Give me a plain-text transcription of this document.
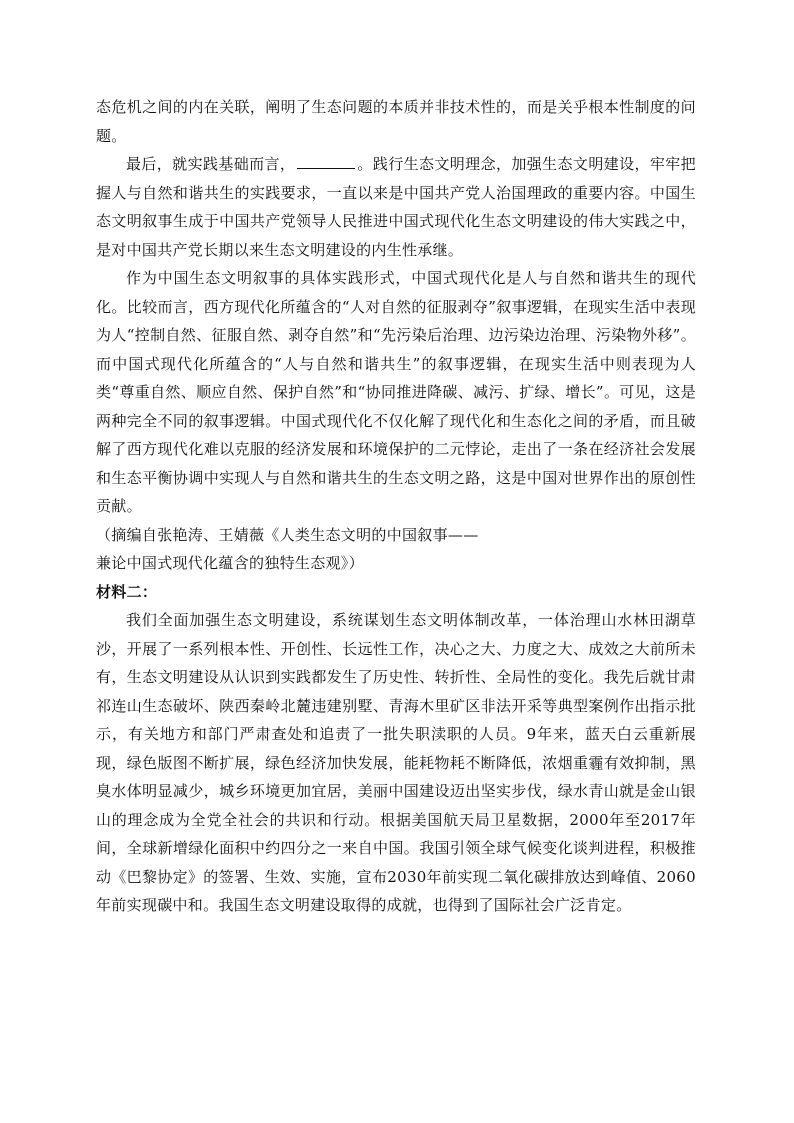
态危机之间的内在关联，阐明了生态问题的本质并非技术性的，而是关乎根本性制度的问题。

最后，就实践基础而言，	。践行生态文明理念，加强生态文明建设，牢牢把握人与自然和谐共生的实践要求，一直以来是中国共产党人治国理政的重要内容。中国生态文明叙事生成于中国共产党领导人民推进中国式现代化生态文明建设的伟大实践之中，是对中国共产党长期以来生态文明建设的内生性承继。

作为中国生态文明叙事的具体实践形式，中国式现代化是人与自然和谐共生的现代化。比较而言，西方现代化所蕴含的“人对自然的征服剥夺”叙事逻辑，在现实生活中表现为人“控制自然、征服自然、剥夺自然”和“先污染后治理、边污染边治理、污染物外移”。而中国式现代化所蕴含的“人与自然和谐共生”的叙事逻辑，在现实生活中则表现为人类“尊重自然、顺应自然、保护自然”和“协同推进降碳、减污、扩绿、增长”。可见，这是两种完全不同的叙事逻辑。中国式现代化不仅化解了现代化和生态化之间的矛盾，而且破解了西方现代化难以克服的经济发展和环境保护的二元悖论，走出了一条在经济社会发展和生态平衡协调中实现人与自然和谐共生的生态文明之路，这是中国对世界作出的原创性贡献。

（摘编自张艳涛、王婧薇《人类生态文明的中国叙事——

兼论中国式现代化蕴含的独特生态观》）

材料二：

我们全面加强生态文明建设，系统谋划生态文明体制改革，一体治理山水林田湖草沙，开展了一系列根本性、开创性、长远性工作，决心之大、力度之大、成效之大前所未有，生态文明建设从认识到实践都发生了历史性、转折性、全局性的变化。我先后就甘肃祁连山生态破坏、陕西秦岭北麓违建别墅、青海木里矿区非法开采等典型案例作出指示批示，有关地方和部门严肃查处和追责了一批失职渎职的人员。9年来，蓝天白云重新展现，绿色版图不断扩展，绿色经济加快发展，能耗物耗不断降低，浓烟重霾有效抑制，黑臭水体明显减少，城乡环境更加宜居，美丽中国建设迈出坚实步伐，绿水青山就是金山银山的理念成为全党全社会的共识和行动。根据美国航天局卫星数据，2000年至2017年间，全球新增绿化面积中约四分之一来自中国。我国引领全球气候变化谈判进程，积极推动《巴黎协定》的签署、生效、实施，宣布2030年前实现二氧化碳排放达到峰值、2060年前实现碳中和。我国生态文明建设取得的成就，也得到了国际社会广泛肯定。
